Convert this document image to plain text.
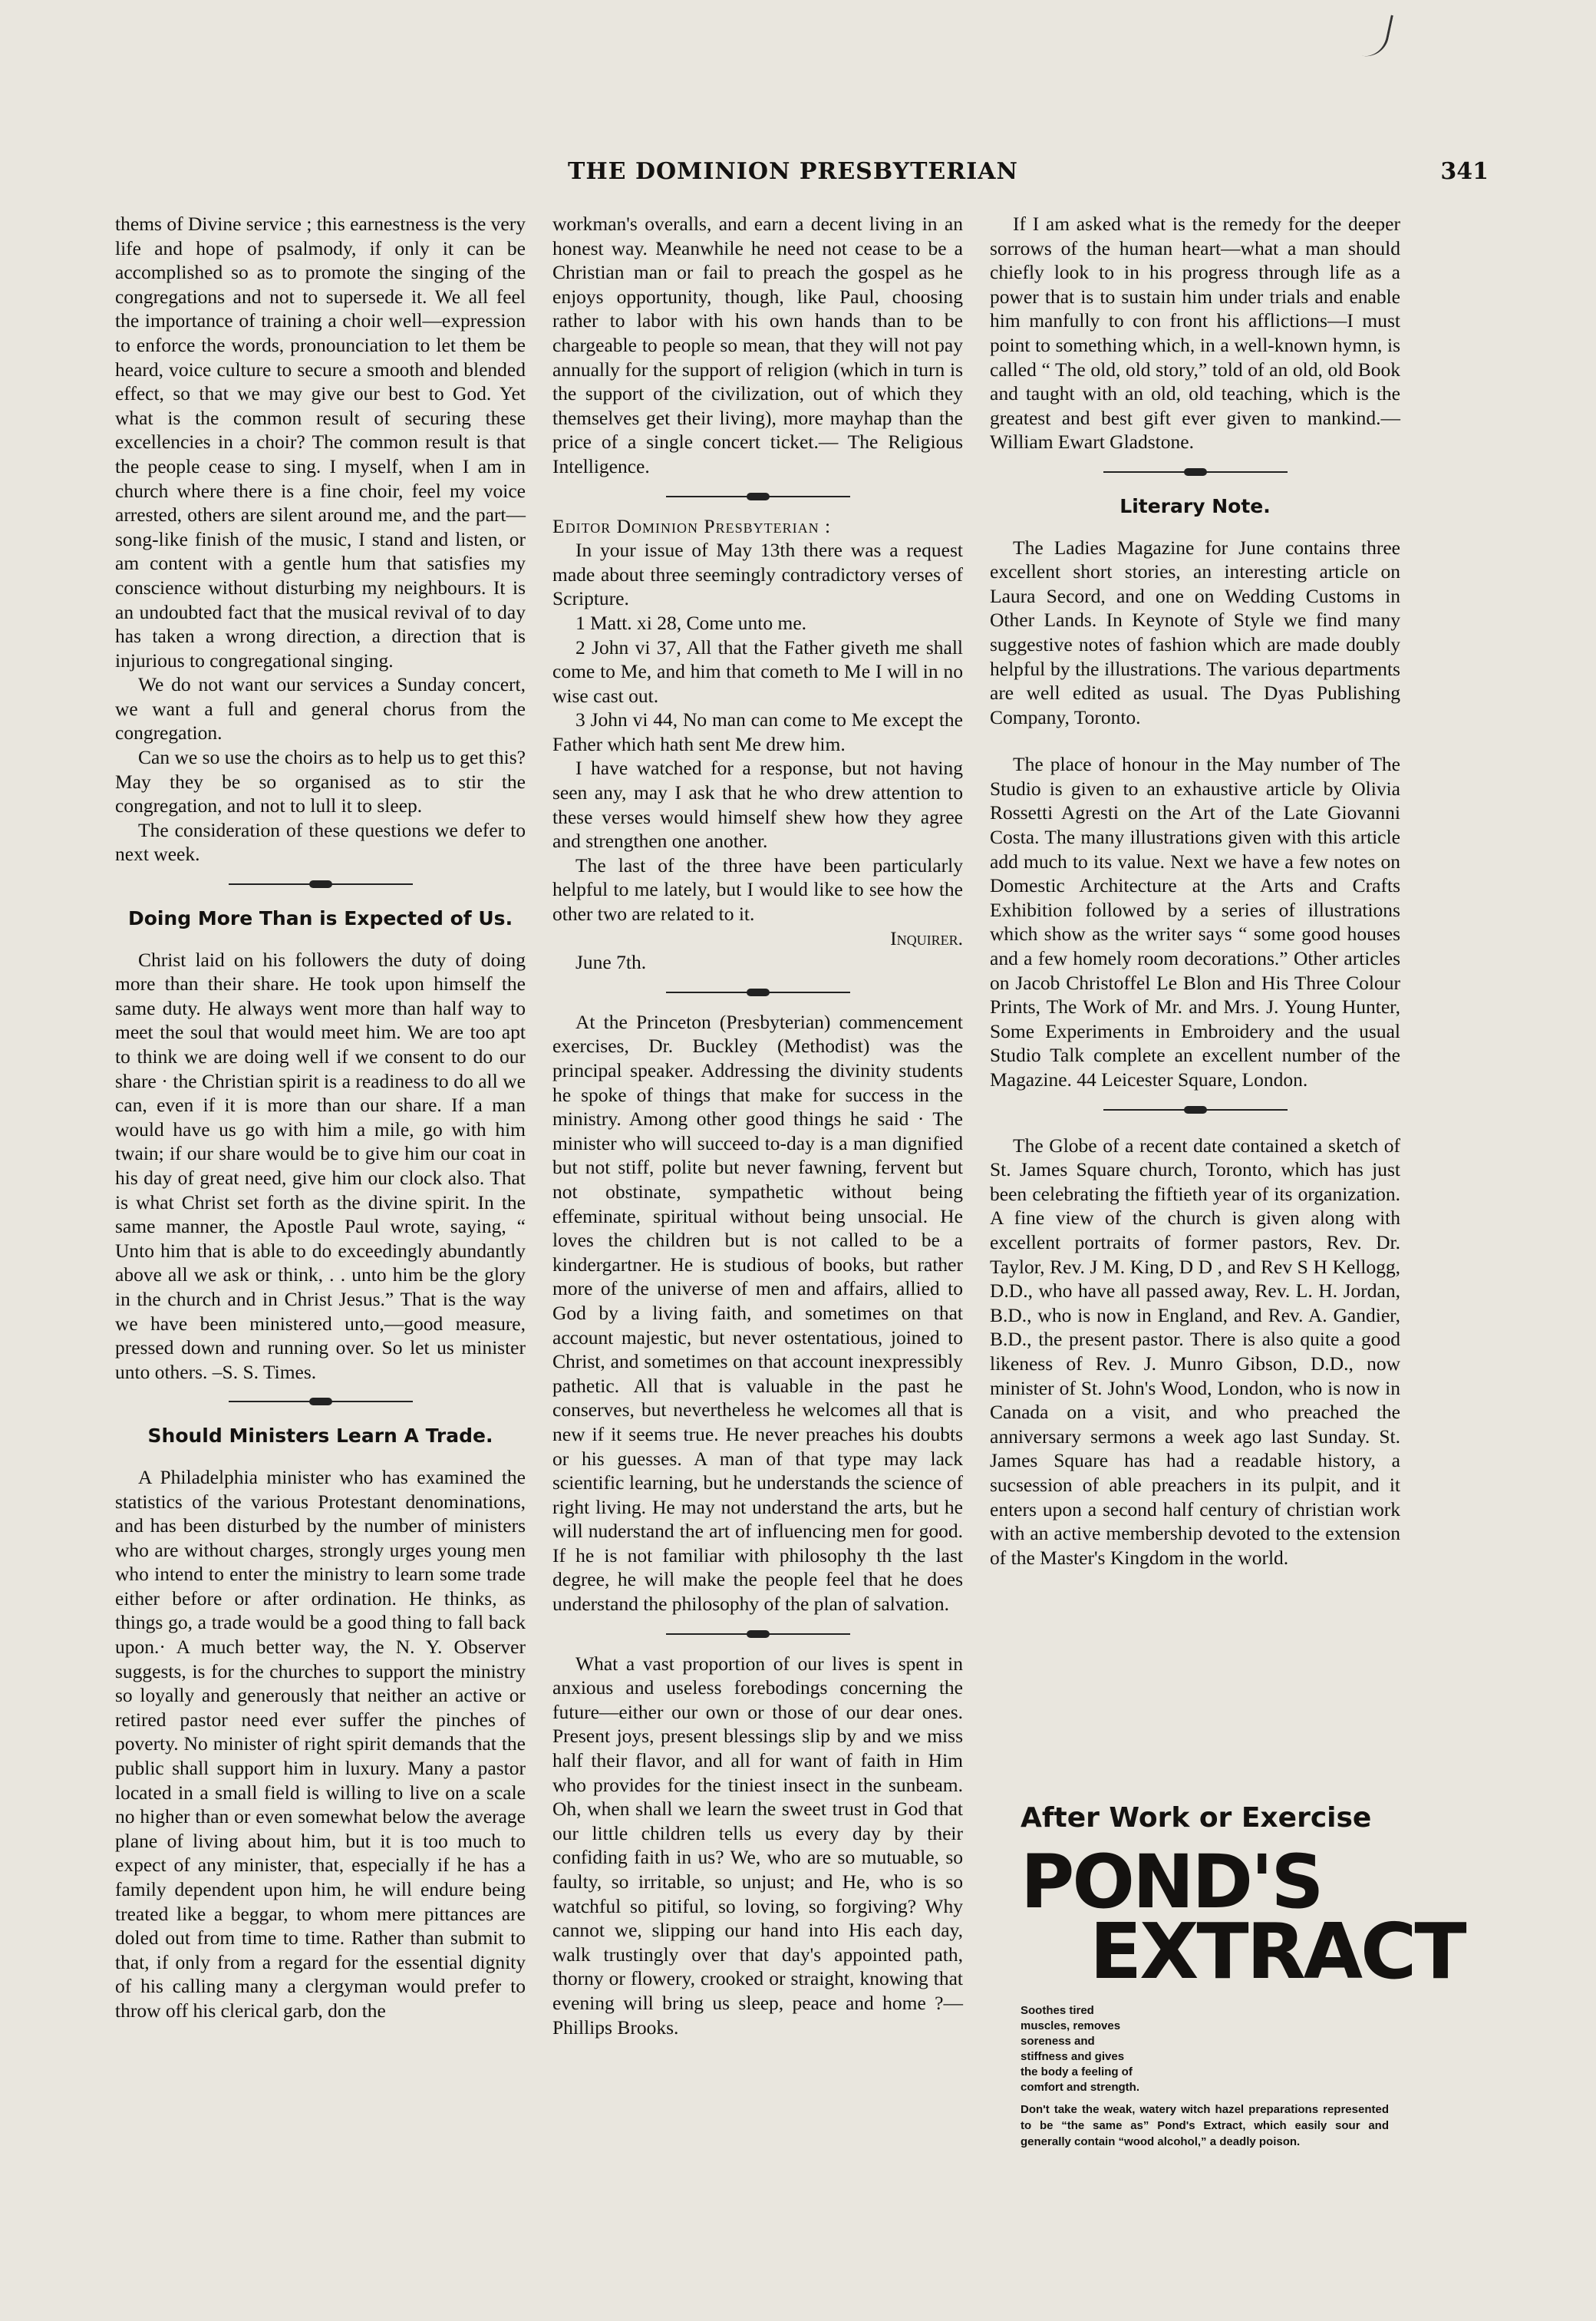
THE DOMINION PRESBYTERIAN	341

thems of Divine service ; this earnestness is the very life and hope of psalmody, if only it can be accomplished so as to promote the singing of the congregations and not to supersede it. We all feel the importance of training a choir well—expression to enforce the words, pronounciation to let them be heard, voice culture to secure a smooth and blended effect, so that we may give our best to God. Yet what is the common result of securing these excellencies in a choir? The common result is that the people cease to sing. I myself, when I am in church where there is a fine choir, feel my voice arrested, others are silent around me, and the part—song-like finish of the music, I stand and listen, or am content with a gentle hum that satisfies my conscience without disturbing my neighbours. It is an undoubted fact that the musical revival of to day has taken a wrong direction, a direction that is injurious to congregational singing.

We do not want our services a Sunday concert, we want a full and general chorus from the congregation.

Can we so use the choirs as to help us to get this? May they be so organised as to stir the congregation, and not to lull it to sleep.

The consideration of these questions we defer to next week.

Doing More Than is Expected of Us.

Christ laid on his followers the duty of doing more than their share. He took upon himself the same duty. He always went more than half way to meet the soul that would meet him. We are too apt to think we are doing well if we consent to do our share · the Christian spirit is a readiness to do all we can, even if it is more than our share. If a man would have us go with him a mile, go with him twain; if our share would be to give him our coat in his day of great need, give him our clock also. That is what Christ set forth as the divine spirit. In the same manner, the Apostle Paul wrote, saying, “ Unto him that is able to do exceedingly abundantly above all we ask or think, . . unto him be the glory in the church and in Christ Jesus.” That is the way we have been ministered unto,—good measure, pressed down and running over. So let us minister unto others. –S. S. Times.

Should Ministers Learn A Trade.

A Philadelphia minister who has examined the statistics of the various Protestant denominations, and has been disturbed by the number of ministers who are without charges, strongly urges young men who intend to enter the ministry to learn some trade either before or after ordination. He thinks, as things go, a trade would be a good thing to fall back upon.· A much better way, the N. Y. Observer suggests, is for the churches to support the ministry so loyally and generously that neither an active or retired pastor need ever suffer the pinches of poverty. No minister of right spirit demands that the public shall support him in luxury. Many a pastor located in a small field is willing to live on a scale no higher than or even somewhat below the average plane of living about him, but it is too much to expect of any minister, that, especially if he has a family dependent upon him, he will endure being treated like a beggar, to whom mere pittances are doled out from time to time. Rather than submit to that, if only from a regard for the essential dignity of his calling many a clergyman would prefer to throw off his clerical garb, don the

workman's overalls, and earn a decent living in an honest way. Meanwhile he need not cease to be a Christian man or fail to preach the gospel as he enjoys opportunity, though, like Paul, choosing rather to labor with his own hands than to be chargeable to people so mean, that they will not pay annually for the support of religion (which in turn is the support of the civilization, out of which they themselves get their living), more mayhap than the price of a single concert ticket.— The Religious Intelligence.

Editor Dominion Presbyterian :

In your issue of May 13th there was a request made about three seemingly contradictory verses of Scripture.

1 Matt. xi 28, Come unto me.

2 John vi 37, All that the Father giveth me shall come to Me, and him that cometh to Me I will in no wise cast out.

3 John vi 44, No man can come to Me except the Father which hath sent Me drew him.

I have watched for a response, but not having seen any, may I ask that he who drew attention to these verses would himself shew how they agree and strengthen one another.

The last of the three have been particularly helpful to me lately, but I would like to see how the other two are related to it.

Inquirer.

June 7th.

At the Princeton (Presbyterian) commencement exercises, Dr. Buckley (Methodist) was the principal speaker. Addressing the divinity students he spoke of things that make for success in the ministry. Among other good things he said · The minister who will succeed to-day is a man dignified but not stiff, polite but never fawning, fervent but not obstinate, sympathetic without being effeminate, spiritual without being unsocial. He loves the children but is not called to be a kindergartner. He is studious of books, but rather more of the universe of men and affairs, allied to God by a living faith, and sometimes on that account majestic, but never ostentatious, joined to Christ, and sometimes on that account inexpressibly pathetic. All that is valuable in the past he conserves, but nevertheless he welcomes all that is new if it seems true. He never preaches his doubts or his guesses. A man of that type may lack scientific learning, but he understands the science of right living. He may not understand the arts, but he will nuderstand the art of influencing men for good. If he is not familiar with philosophy th the last degree, he will make the people feel that he does understand the philosophy of the plan of salvation.

What a vast proportion of our lives is spent in anxious and useless forebodings concerning the future—either our own or those of our dear ones. Present joys, present blessings slip by and we miss half their flavor, and all for want of faith in Him who provides for the tiniest insect in the sunbeam. Oh, when shall we learn the sweet trust in God that our little children tells us every day by their confiding faith in us? We, who are so mutuable, so faulty, so irritable, so unjust; and He, who is so watchful so pitiful, so loving, so forgiving? Why cannot we, slipping our hand into His each day, walk trustingly over that day's appointed path, thorny or flowery, crooked or straight, knowing that evening will bring us sleep, peace and home ?—Phillips Brooks.

If I am asked what is the remedy for the deeper sorrows of the human heart—what a man should chiefly look to in his progress through life as a power that is to sustain him under trials and enable him manfully to con front his afflictions—I must point to something which, in a well-known hymn, is called “ The old, old story,” told of an old, old Book and taught with an old, old teaching, which is the greatest and best gift ever given to mankind.—William Ewart Gladstone.

Literary Note.

The Ladies Magazine for June contains three excellent short stories, an interesting article on Laura Secord, and one on Wedding Customs in Other Lands. In Keynote of Style we find many suggestive notes of fashion which are made doubly helpful by the illustrations. The various departments are well edited as usual. The Dyas Publishing Company, Toronto.

The place of honour in the May number of The Studio is given to an exhaustive article by Olivia Rossetti Agresti on the Art of the Late Giovanni Costa. The many illustrations given with this article add much to its value. Next we have a few notes on Domestic Architecture at the Arts and Crafts Exhibition followed by a series of illustrations which show as the writer says “ some good houses and a few homely room decorations.” Other articles on Jacob Christoffel Le Blon and His Three Colour Prints, The Work of Mr. and Mrs. J. Young Hunter, Some Experiments in Embroidery and the usual Studio Talk complete an excellent number of the Magazine. 44 Leicester Square, London.

The Globe of a recent date contained a sketch of St. James Square church, Toronto, which has just been celebrating the fiftieth year of its organization. A fine view of the church is given along with excellent portraits of former pastors, Rev. Dr. Taylor, Rev. J M. King, D D , and Rev S H Kellogg, D.D., who have all passed away, Rev. L. H. Jordan, B.D., who is now in England, and Rev. A. Gandier, B.D., the present pastor. There is also quite a good likeness of Rev. J. Munro Gibson, D.D., now minister of St. John's Wood, London, who is now in Canada on a visit, and who preached the anniversary sermons a week ago last Sunday. St. James Square has had a readable history, a sucsession of able preachers in its pulpit, and it enters upon a second half century of christian work with an active membership devoted to the extension of the Master's Kingdom in the world.

After Work or Exercise
POND'S
EXTRACT
Soothes tired muscles, removes soreness and stiffness and gives the body a feeling of comfort and strength.
Don't take the weak, watery witch hazel preparations represented to be “the same as” Pond's Extract, which easily sour and generally contain “wood alcohol,” a deadly poison.
